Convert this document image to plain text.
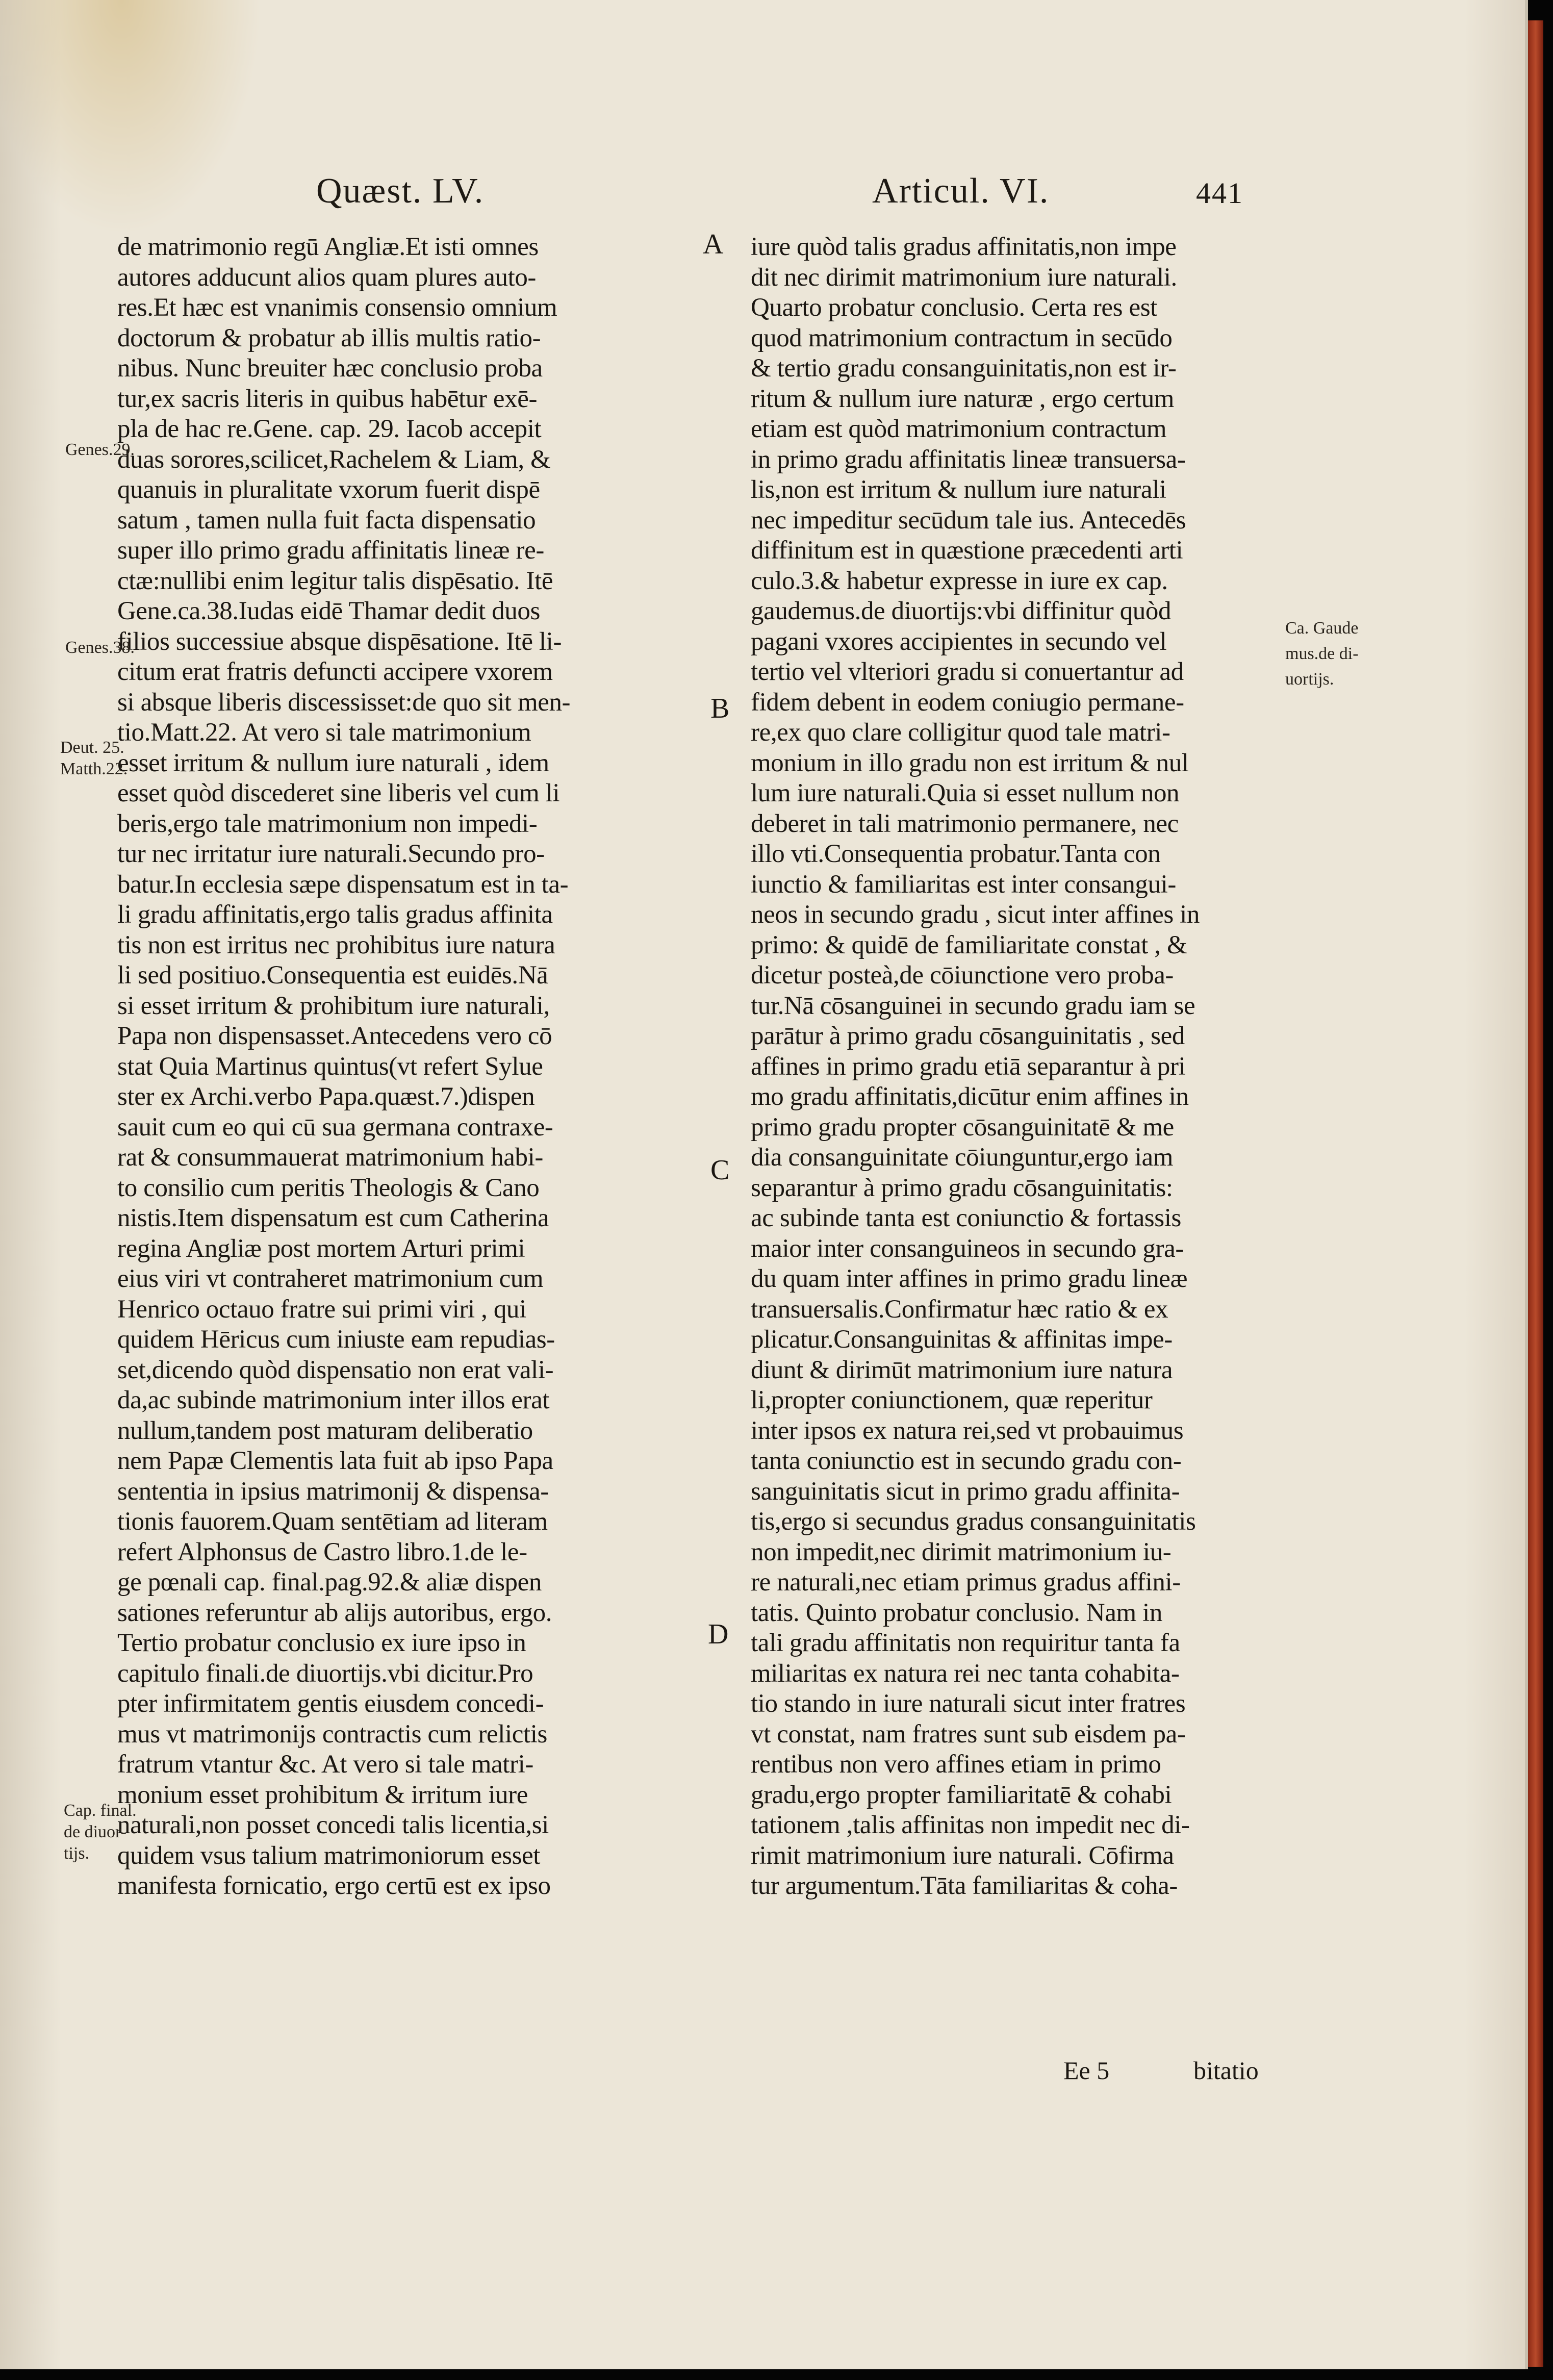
Quæst. LV.	Articul. VI.	441
de matrimonio regū Angliæ.Et isti omnes
autores adducunt alios quam plures auto-
res.Et hæc est vnanimis consensio omnium
doctorum & probatur ab illis multis ratio-
nibus. Nunc breuiter hæc conclusio proba
tur,ex sacris literis in quibus habētur exē-
pla de hac re.Gene. cap. 29. Iacob accepit
duas sorores,scilicet,Rachelem & Liam, &
quanuis in pluralitate vxorum fuerit dispē
satum , tamen nulla fuit facta dispensatio
super illo primo gradu affinitatis lineæ re-
ctæ:nullibi enim legitur talis dispēsatio. Itē
Gene.ca.38.Iudas eidē Thamar dedit duos
filios successiue absque dispēsatione. Itē li-
citum erat fratris defuncti accipere vxorem
si absque liberis discessisset:de quo sit men-
tio.Matt.22. At vero si tale matrimonium
esset irritum & nullum iure naturali , idem
esset quòd discederet sine liberis vel cum li
beris,ergo tale matrimonium non impedi-
tur nec irritatur iure naturali.Secundo pro-
batur.In ecclesia sæpe dispensatum est in ta-
li gradu affinitatis,ergo talis gradus affinita
tis non est irritus nec prohibitus iure natura
li sed positiuo.Consequentia est euidēs.Nā
si esset irritum & prohibitum iure naturali,
Papa non dispensasset.Antecedens vero cō
stat Quia Martinus quintus(vt refert Sylue
ster ex Archi.verbo Papa.quæst.7.)dispen
sauit cum eo qui cū sua germana contraxe-
rat & consummauerat matrimonium habi-
to consilio cum peritis Theologis & Cano
nistis.Item dispensatum est cum Catherina
regina Angliæ post mortem Arturi primi
eius viri vt contraheret matrimonium cum
Henrico octauo fratre sui primi viri , qui
quidem Hēricus cum iniuste eam repudias-
set,dicendo quòd dispensatio non erat vali-
da,ac subinde matrimonium inter illos erat
nullum,tandem post maturam deliberatio
nem Papæ Clementis lata fuit ab ipso Papa
sententia in ipsius matrimonij & dispensa-
tionis fauorem.Quam sentētiam ad literam
refert Alphonsus de Castro libro.1.de le-
ge pœnali cap. final.pag.92.& aliæ dispen
sationes referuntur ab alijs autoribus, ergo.
Tertio probatur conclusio ex iure ipso in
capitulo finali.de diuortijs.vbi dicitur.Pro
pter infirmitatem gentis eiusdem concedi-
mus vt matrimonijs contractis cum relictis
fratrum vtantur &c. At vero si tale matri-
monium esset prohibitum & irritum iure
naturali,non posset concedi talis licentia,si
quidem vsus talium matrimoniorum esset
manifesta fornicatio, ergo certū est ex ipso
iure quòd talis gradus affinitatis,non impe
dit nec dirimit matrimonium iure naturali.
Quarto probatur conclusio. Certa res est
quod matrimonium contractum in secūdo
& tertio gradu consanguinitatis,non est ir-
ritum & nullum iure naturæ , ergo certum
etiam est quòd matrimonium contractum
in primo gradu affinitatis lineæ transuersa-
lis,non est irritum & nullum iure naturali
nec impeditur secūdum tale ius. Antecedēs
diffinitum est in quæstione præcedenti arti
culo.3.& habetur expresse in iure ex cap.
gaudemus.de diuortijs:vbi diffinitur quòd
pagani vxores accipientes in secundo vel
tertio vel vlteriori gradu si conuertantur ad
fidem debent in eodem coniugio permane-
re,ex quo clare colligitur quod tale matri-
monium in illo gradu non est irritum & nul
lum iure naturali.Quia si esset nullum non
deberet in tali matrimonio permanere, nec
illo vti.Consequentia probatur.Tanta con
iunctio & familiaritas est inter consangui-
neos in secundo gradu , sicut inter affines in
primo: & quidē de familiaritate constat , &
dicetur posteà,de cōiunctione vero proba-
tur.Nā cōsanguinei in secundo gradu iam se
parātur à primo gradu cōsanguinitatis , sed
affines in primo gradu etiā separantur à pri
mo gradu affinitatis,dicūtur enim affines in
primo gradu propter cōsanguinitatē & me
dia consanguinitate cōiunguntur,ergo iam
separantur à primo gradu cōsanguinitatis:
ac subinde tanta est coniunctio & fortassis
maior inter consanguineos in secundo gra-
du quam inter affines in primo gradu lineæ
transuersalis.Confirmatur hæc ratio & ex
plicatur.Consanguinitas & affinitas impe-
diunt & dirimūt matrimonium iure natura
li,propter coniunctionem, quæ reperitur
inter ipsos ex natura rei,sed vt probauimus
tanta coniunctio est in secundo gradu con-
sanguinitatis sicut in primo gradu affinita-
tis,ergo si secundus gradus consanguinitatis
non impedit,nec dirimit matrimonium iu-
re naturali,nec etiam primus gradus affini-
tatis. Quinto probatur conclusio. Nam in
tali gradu affinitatis non requiritur tanta fa
miliaritas ex natura rei nec tanta cohabita-
tio stando in iure naturali sicut inter fratres
vt constat, nam fratres sunt sub eisdem pa-
rentibus non vero affines etiam in primo
gradu,ergo propter familiaritatē & cohabi
tationem ,talis affinitas non impedit nec di-
rimit matrimonium iure naturali. Cōfirma
tur argumentum.Tāta familiaritas & coha-
Genes.29.
Genes.38.
Deut. 25.
Matth.22.
Cap. final.
de diuor-
tijs.
Ca. Gaude
mus.de di-
uortijs.
A
B
C
D
Ee 5	bitatio
